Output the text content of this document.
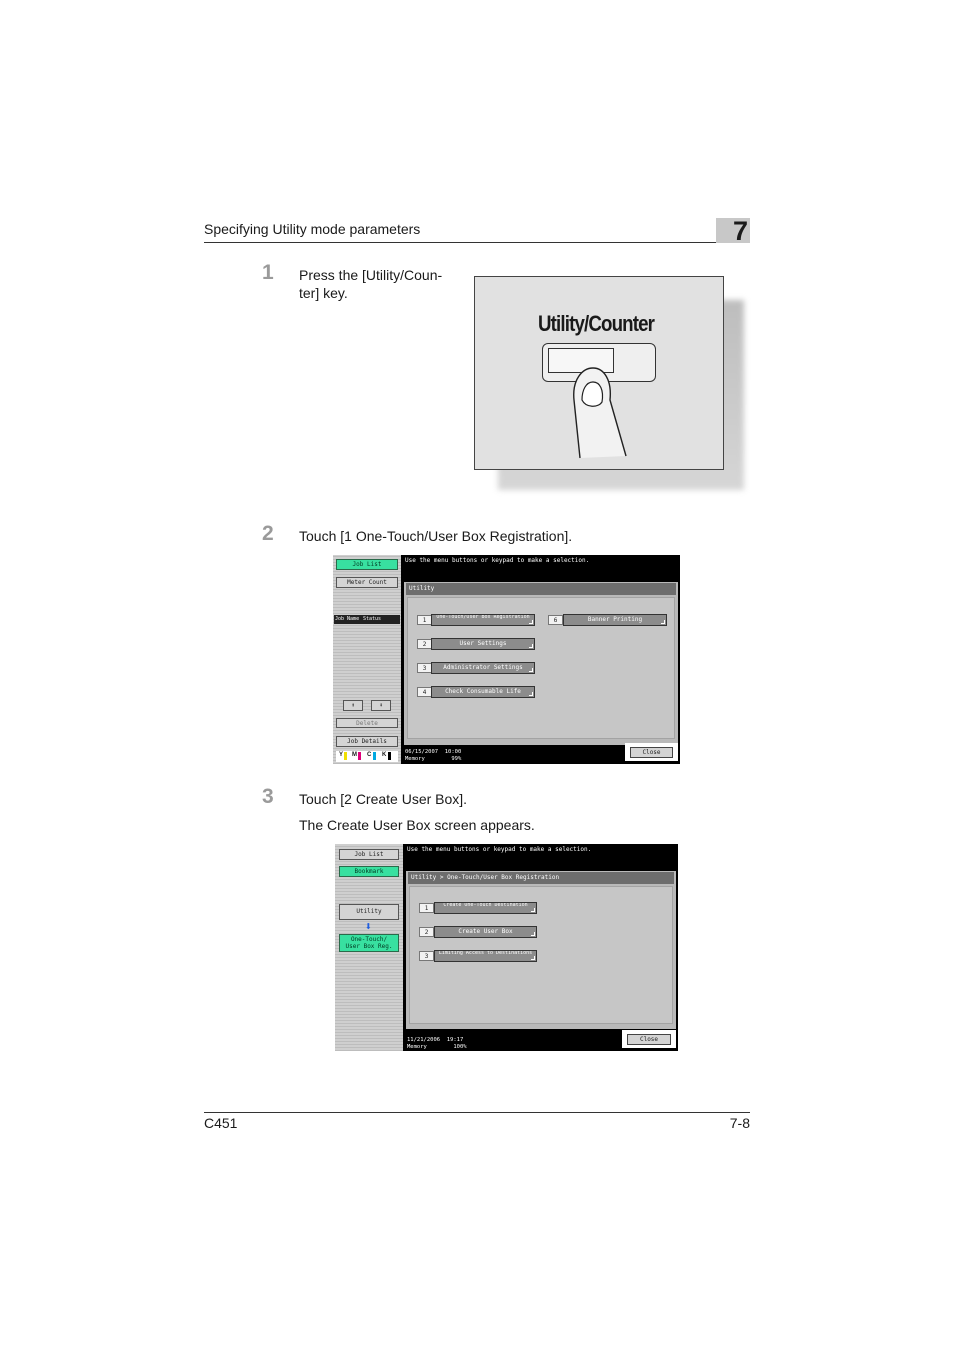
Specifying Utility mode parameters	7
1 Press the [Utility/Coun-
ter] key.
Utility/Counter
2 Touch [1 One-Touch/User Box Registration].
Job List
Meter Count
Job Name Status
⬆	⬇
Delete
Job Details
Y M C K
Use the menu buttons or keypad to make a selection.
Utility
1	One-Touch/User Box Registration
2	User Settings
3	Administrator Settings
4	Check Consumable Life
6	Banner Printing
06/15/2007 10:00
Memory	99%
Close
3 Touch [2 Create User Box].
The Create User Box screen appears.
Job List
Bookmark
Utility
⬇
One-Touch/ User Box Reg.
Use the menu buttons or keypad to make a selection.
Utility > One-Touch/User Box Registration
1	Create One-Touch Destination
2	Create User Box
3	Limiting Access to Destinations
11/21/2006 19:17
Memory	100%
Close
C451	7-8
